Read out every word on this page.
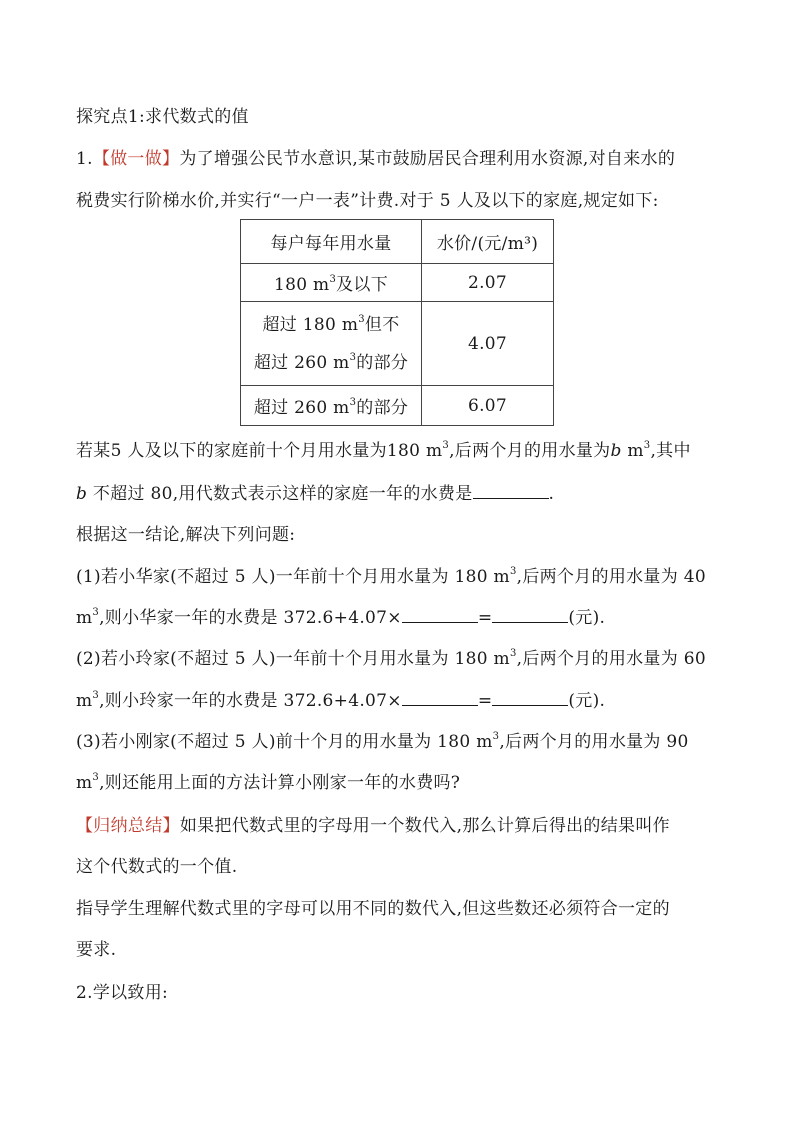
探究点1:求代数式的值
1.【做一做】为了增强公民节水意识,某市鼓励居民合理利用水资源,对自来水的
税费实行阶梯水价,并实行“一户一表”计费.对于 5 人及以下的家庭,规定如下:
每户每年用水量	水价/(元/m³)
180 $m^3$及以下	2.07

超过 180 $m^3$但不
超过 260 $m^3$的部分	4.07
超过 260 $m^3$的部分	6.07
若某5 人及以下的家庭前十个月用水量为180 $m^3$,后两个月的用水量为b $m^3$,其中
b 不超过 80,用代数式表示这样的家庭一年的水费是	.
根据这一结论,解决下列问题:
(1)若小华家(不超过 5 人)一年前十个月用水量为 180 $m^3$,后两个月的用水量为 40
$m^3$,则小华家一年的水费是 372.6+4.07×	=	(元).
(2)若小玲家(不超过 5 人)一年前十个月用水量为 180 $m^3$,后两个月的用水量为 60
$m^3$,则小玲家一年的水费是 372.6+4.07×	=	(元).
(3)若小刚家(不超过 5 人)前十个月的用水量为 180 $m^3$,后两个月的用水量为 90
$m^3$,则还能用上面的方法计算小刚家一年的水费吗?
【归纳总结】如果把代数式里的字母用一个数代入,那么计算后得出的结果叫作
这个代数式的一个值.
指导学生理解代数式里的字母可以用不同的数代入,但这些数还必须符合一定的
要求.
2.学以致用:
